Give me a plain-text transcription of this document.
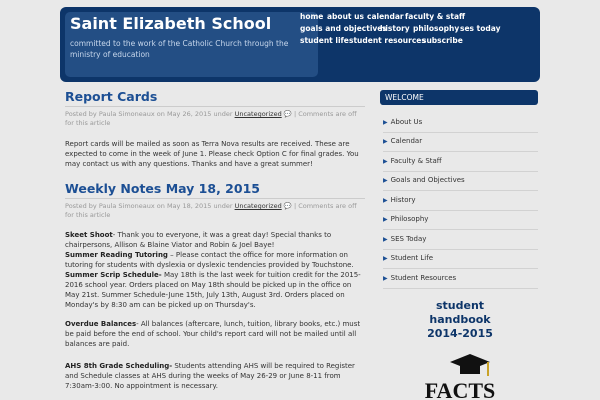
Saint Elizabeth School
committed to the work of the Catholic Church through the ministry of education
home about us calendar faculty & staff
goals and objectives
history philosophy ses today
student life student resources
subscribe
Report Cards
Posted by Paula Simoneaux on May 26, 2015 under Uncategorized 💬 | Comments are off for this article
Report cards will be mailed as soon as Terra Nova results are received. These are expected to come in the week of June 1. Please check Option C for final grades. You may contact us with any questions. Thanks and have a great summer!
Weekly Notes May 18, 2015
Posted by Paula Simoneaux on May 18, 2015 under Uncategorized 💬 | Comments are off for this article
Skeet Shoot- Thank you to everyone, it was a great day! Special thanks to chairpersons, Allison & Blaine Viator and Robin & Joel Baye!
Summer Reading Tutoring – Please contact the office for more information on tutoring for students with dyslexia or dyslexic tendencies provided by Touchstone.
Summer Scrip Schedule- May 18th is the last week for tuition credit for the 2015-2016 school year. Orders placed on May 18th should be picked up in the office on May 21st. Summer Schedule-June 15th, July 13th, August 3rd. Orders placed on Monday's by 8:30 am can be picked up on Thursday's.
Overdue Balances- All balances (aftercare, lunch, tuition, library books, etc.) must be paid before the end of school. Your child's report card will not be mailed until all balances are paid.
AHS 8th Grade Scheduling- Students attending AHS will be required to Register and Schedule classes at AHS during the weeks of May 26-29 or June 8-11 from 7:30am-3:00. No appointment is necessary.
WELCOME
▶ About Us
▶ Calendar
▶ Faculty & Staff
▶ Goals and Objectives
▶ History
▶ Philosophy
▶ SES Today
▶ Student Life
▶ Student Resources
student
handbook
2014-2015
FACTS
